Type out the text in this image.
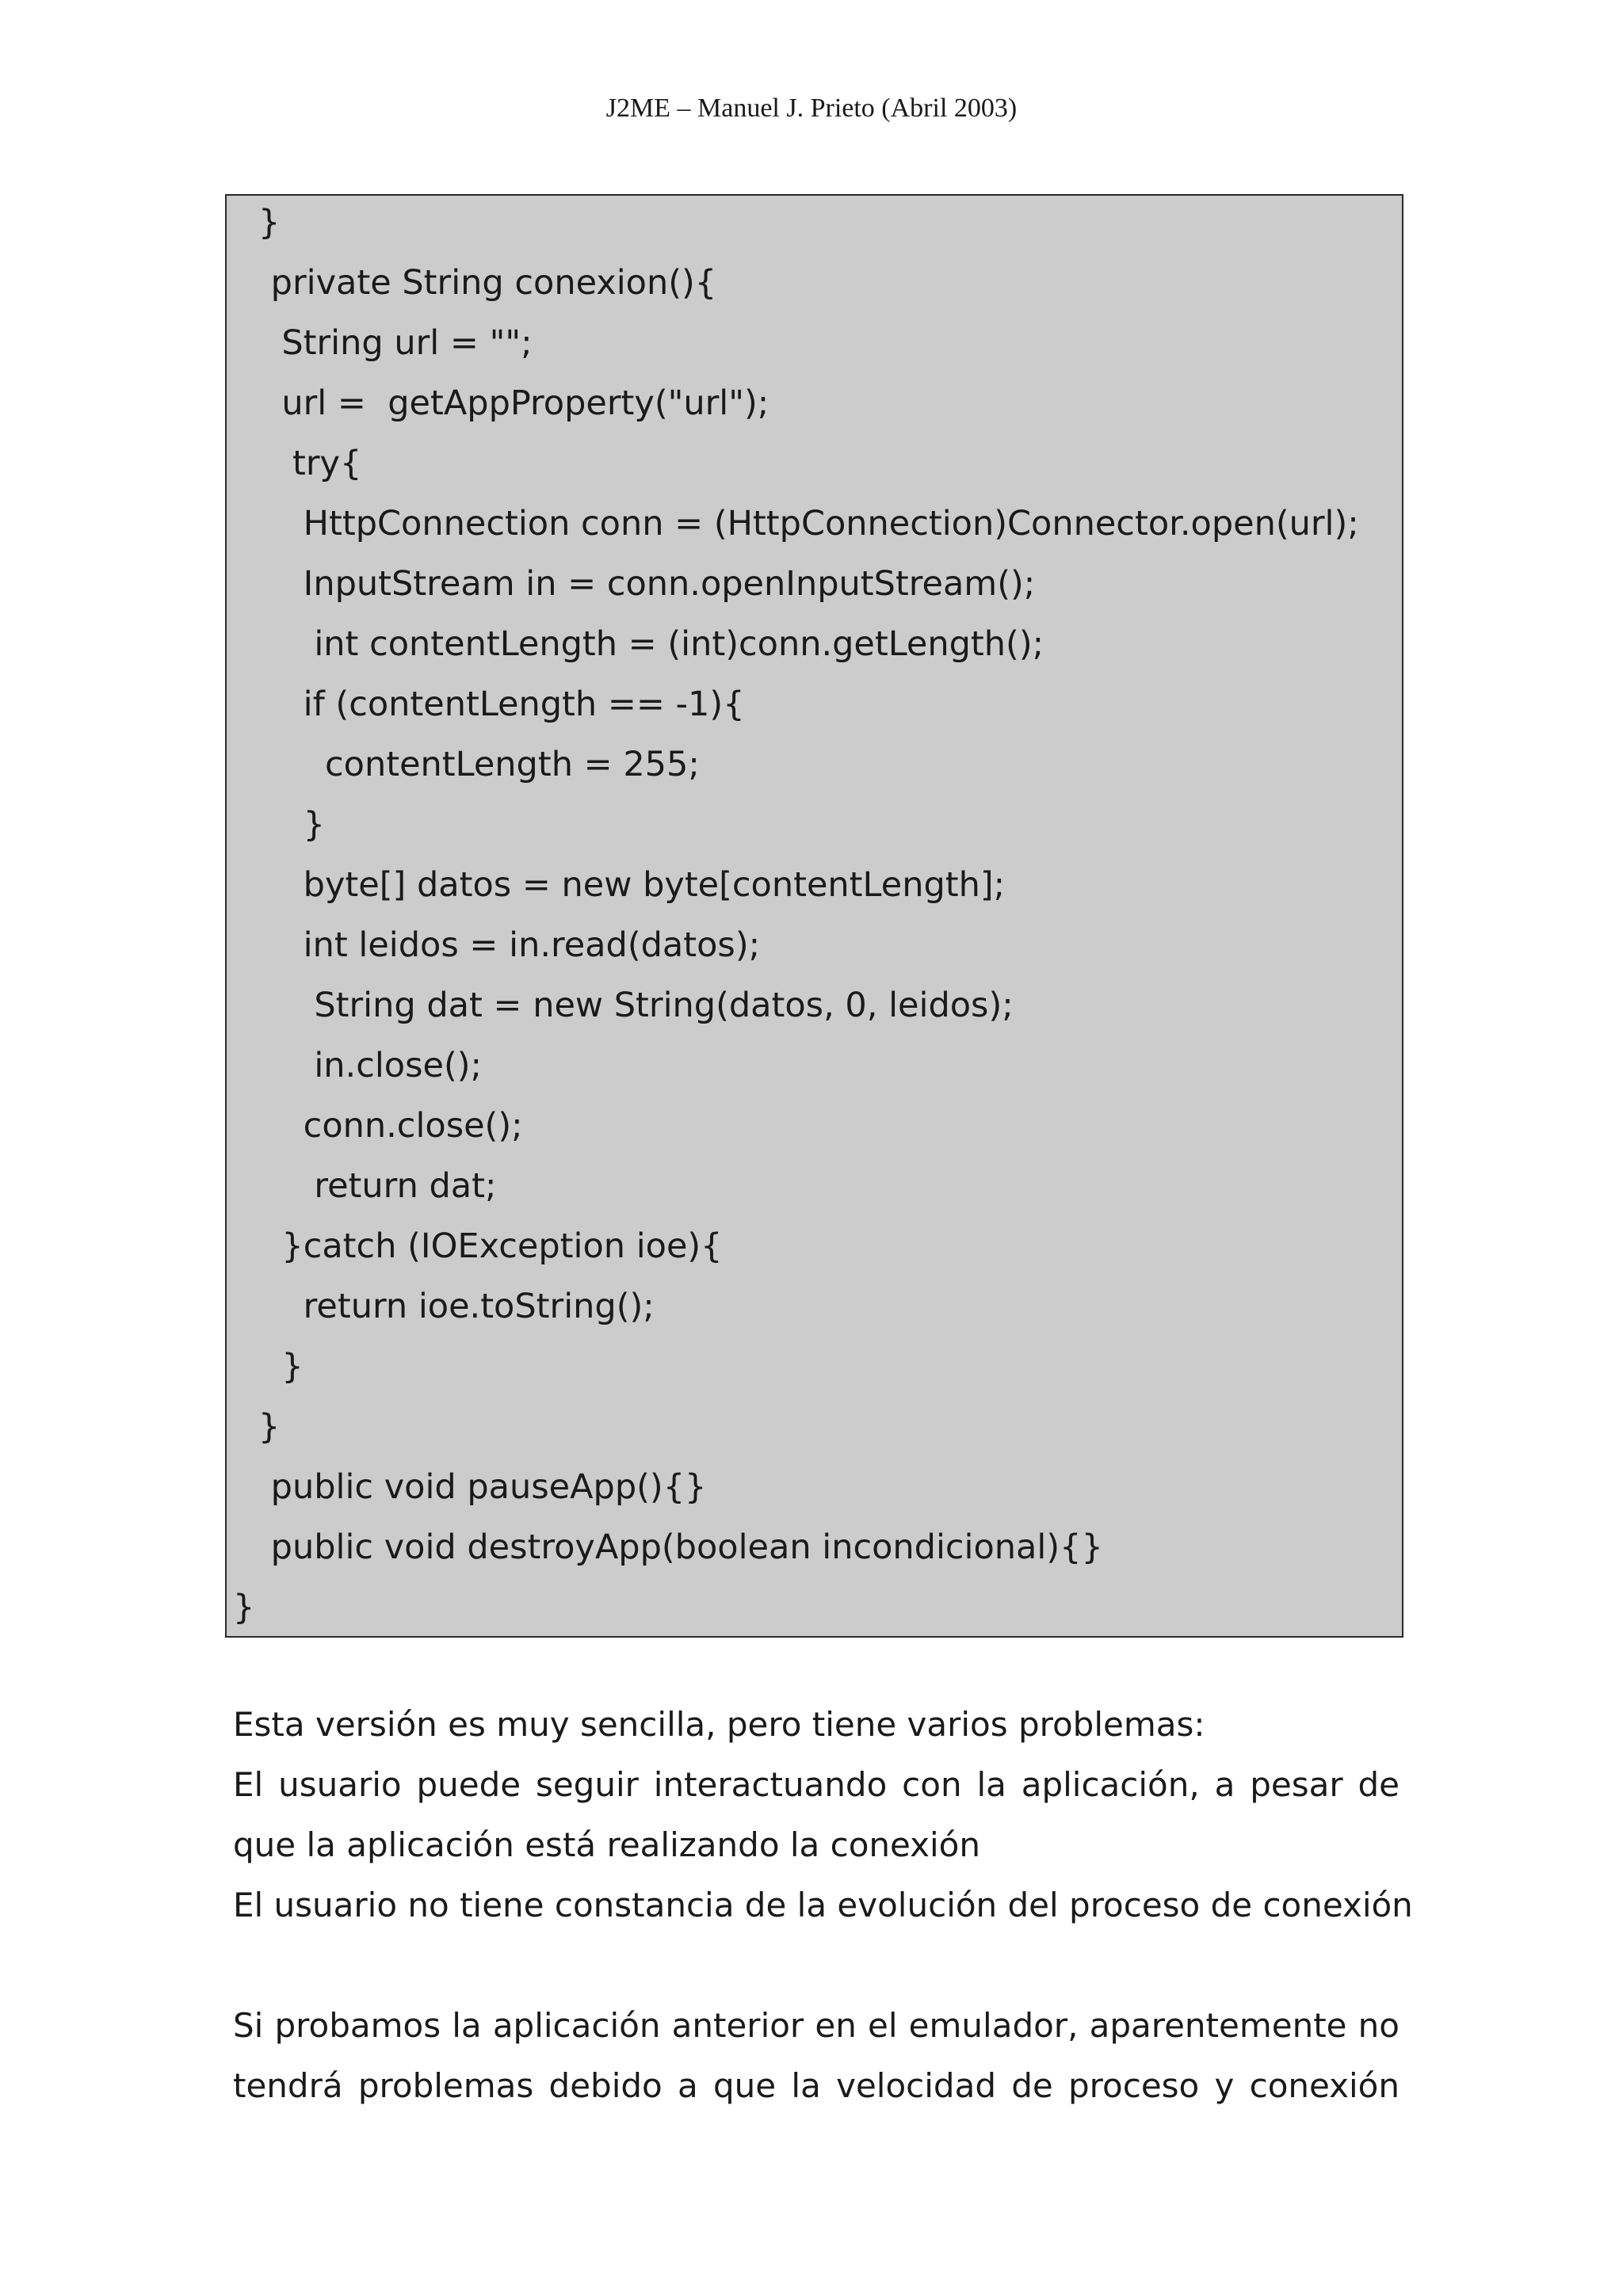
J2ME – Manuel J. Prieto (Abril 2003)
}
private String conexion(){
String url = "";
url =  getAppProperty("url");
try{
HttpConnection conn = (HttpConnection)Connector.open(url);
InputStream in = conn.openInputStream();
int contentLength = (int)conn.getLength();
if (contentLength == -1){
contentLength = 255;
}
byte[] datos = new byte[contentLength];
int leidos = in.read(datos);
String dat = new String(datos, 0, leidos);
in.close();
conn.close();
return dat;
}catch (IOException ioe){
return ioe.toString();
}
}
public void pauseApp(){}
public void destroyApp(boolean incondicional){}
}
Esta versión es muy sencilla, pero tiene varios problemas:
El usuario puede seguir interactuando con la aplicación, a pesar de
que la aplicación está realizando la conexión
El usuario no tiene constancia de la evolución del proceso de conexión
Si probamos la aplicación anterior en el emulador, aparentemente no
tendrá problemas debido a que la velocidad de proceso y conexión
